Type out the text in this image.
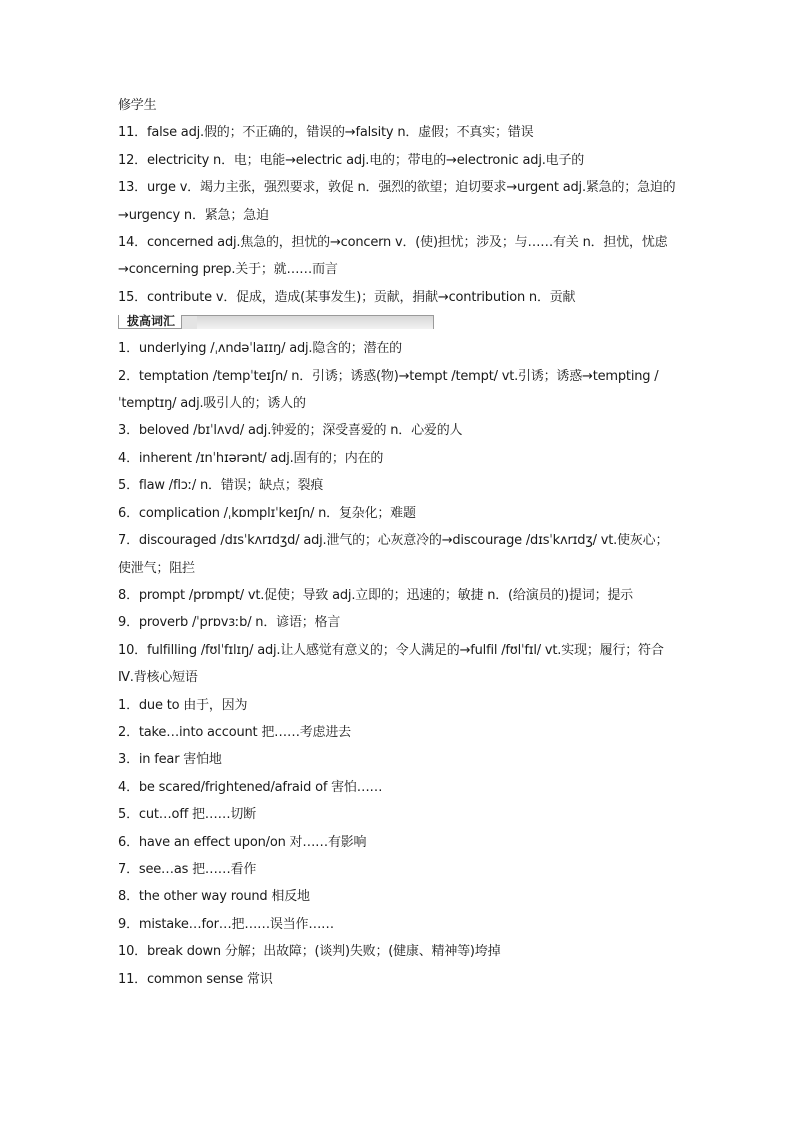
修学生
11．false adj.假的；不正确的，错误的→falsity n．虚假；不真实；错误
12．electricity n．电；电能→electric adj.电的；带电的→electronic adj.电子的
13．urge v．竭力主张，强烈要求，敦促 n．强烈的欲望；迫切要求→urgent adj.紧急的；急迫的→urgency n．紧急；急迫
14．concerned adj.焦急的，担忧的→concern v．(使)担忧；涉及；与……有关 n．担忧，忧虑→concerning prep.关于；就……而言
15．contribute v．促成，造成(某事发生)；贡献，捐献→contribution n．贡献
拔高词汇
1．underlying /ˌʌndəˈlaɪɪŋ/ adj.隐含的；潜在的
2．temptation /tempˈteɪʃn/ n．引诱；诱惑(物)→tempt /tempt/ vt.引诱；诱惑→tempting /ˈtemptɪŋ/ adj.吸引人的；诱人的
3．beloved /bɪˈlʌvd/ adj.钟爱的；深受喜爱的 n．心爱的人
4．inherent /ɪnˈhɪərənt/ adj.固有的；内在的
5．flaw /flɔː/ n．错误；缺点；裂痕
6．complication /ˌkɒmplɪˈkeɪʃn/ n．复杂化；难题
7．discouraged /dɪsˈkʌrɪdʒd/ adj.泄气的；心灰意冷的→discourage /dɪsˈkʌrɪdʒ/ vt.使灰心；使泄气；阻拦
8．prompt /prɒmpt/ vt.促使；导致 adj.立即的；迅速的；敏捷 n．(给演员的)提词；提示
9．proverb /ˈprɒvɜːb/ n．谚语；格言
10．fulfilling /fʊlˈfɪlɪŋ/ adj.让人感觉有意义的；令人满足的→fulfil /fʊlˈfɪl/ vt.实现；履行；符合
Ⅳ.背核心短语
1．due to 由于，因为
2．take…into account 把……考虑进去
3．in fear 害怕地
4．be scared/frightened/afraid of 害怕……
5．cut…off 把……切断
6．have an effect upon/on 对……有影响
7．see…as 把……看作
8．the other way round 相反地
9．mistake…for…把……误当作……
10．break down 分解；出故障；(谈判)失败；(健康、精神等)垮掉
11．common sense 常识
